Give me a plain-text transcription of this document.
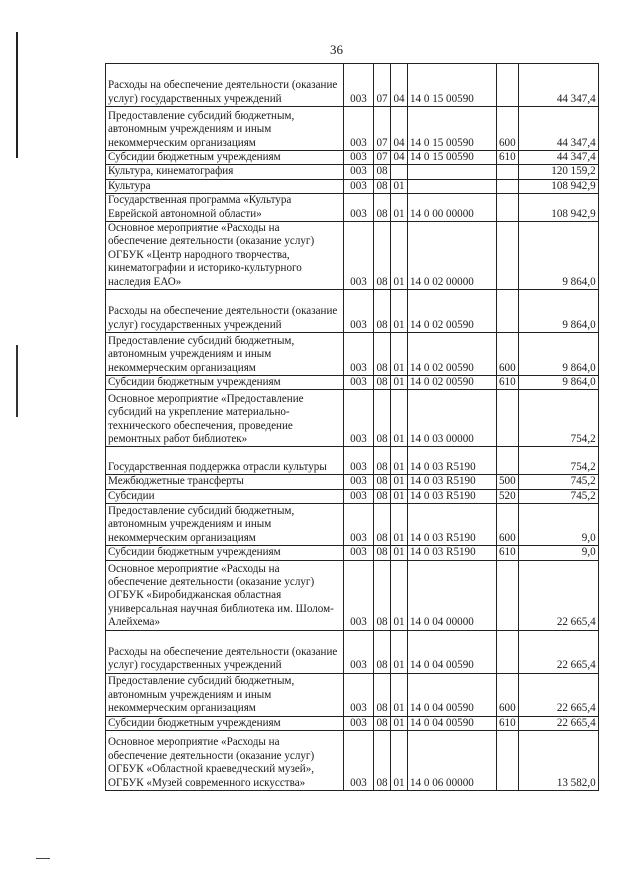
36
Расходы на обеспечение деятельности (оказание услуг) государственных учреждений	003	07	04	14 0 15 00590		44 347,4
Предоставление субсидий бюджетным, автономным учреждениям и иным некоммерческим организациям	003	07	04	14 0 15 00590	600	44 347,4
Субсидии бюджетным учреждениям	003	07	04	14 0 15 00590	610	44 347,4
Культура, кинематография	003	08				120 159,2
Культура	003	08	01			108 942,9
Государственная программа «Культура Еврейской автономной области»	003	08	01	14 0 00 00000		108 942,9
Основное мероприятие «Расходы на обеспечение деятельности (оказание услуг) ОГБУК «Центр народного творчества, кинематографии и историко-культурного наследия ЕАО»	003	08	01	14 0 02 00000		9 864,0
Расходы на обеспечение деятельности (оказание услуг) государственных учреждений	003	08	01	14 0 02 00590		9 864,0
Предоставление субсидий бюджетным, автономным учреждениям и иным некоммерческим организациям	003	08	01	14 0 02 00590	600	9 864,0
Субсидии бюджетным учреждениям	003	08	01	14 0 02 00590	610	9 864,0
Основное мероприятие «Предоставление субсидий на укрепление материально-технического обеспечения, проведение ремонтных работ библиотек»	003	08	01	14 0 03 00000		754,2
Государственная поддержка отрасли культуры	003	08	01	14 0 03 R5190		754,2
Межбюджетные трансферты	003	08	01	14 0 03 R5190	500	745,2
Субсидии	003	08	01	14 0 03 R5190	520	745,2
Предоставление субсидий бюджетным, автономным учреждениям и иным некоммерческим организациям	003	08	01	14 0 03 R5190	600	9,0
Субсидии бюджетным учреждениям	003	08	01	14 0 03 R5190	610	9,0
Основное мероприятие «Расходы на обеспечение деятельности (оказание услуг) ОГБУК «Биробиджанская областная универсальная научная библиотека им. Шолом-Алейхема»	003	08	01	14 0 04 00000		22 665,4
Расходы на обеспечение деятельности (оказание услуг) государственных учреждений	003	08	01	14 0 04 00590		22 665,4
Предоставление субсидий бюджетным, автономным учреждениям и иным некоммерческим организациям	003	08	01	14 0 04 00590	600	22 665,4
Субсидии бюджетным учреждениям	003	08	01	14 0 04 00590	610	22 665,4
Основное мероприятие «Расходы на обеспечение деятельности (оказание услуг) ОГБУК «Областной краеведческий музей», ОГБУК «Музей современного искусства»	003	08	01	14 0 06 00000		13 582,0
